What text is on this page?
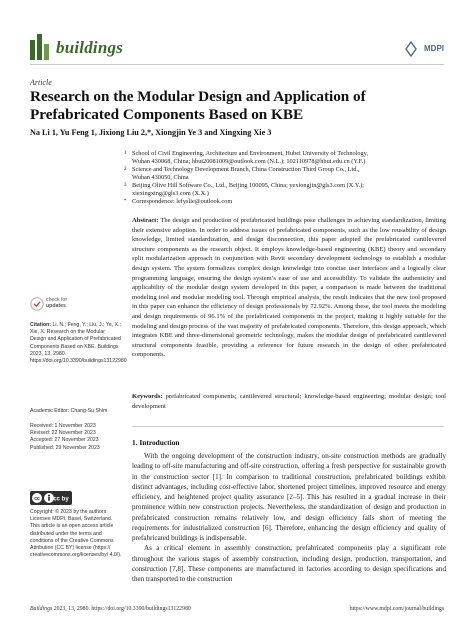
buildings	MDPI
Article
Research on the Modular Design and Application of Prefabricated Components Based on KBE
Na Li 1, Yu Feng 1, Jixiong Liu 2,*, Xiongjin Ye 3 and Xingxing Xie 3
1 School of Civil Engineering, Architecture and Environment, Hubei University of Technology,
Wuhan 430068, China; hbut20081009@outlook.com (N.L.); 102110978@hbut.edu.cn (Y.F.)
2 Science and Technology Development Branch, China Construction Third Group Co., Ltd.,
Wuhan 430050, China
3 Beijing Olive Hill Software Co., Ltd., Beijing 100095, China; yexiongjin@gls3.com (X.Y.);
xiexingxing@gls3.com (X.X.)
* Correspondence: lefyslie@outlook.com
Abstract: The design and production of prefabricated buildings pose challenges in achieving standardization, limiting their extensive adoption. In order to address issues of prefabricated components, such as the low reusability of design knowledge, limited standardization, and design disconnection, this paper adopted the prefabricated cantilevered structure components as the research object. It employs knowledge-based engineering (KBE) theory and secondary split modularization approach in conjunction with Revit secondary development technology to establish a modular design system. The system formalizes complex design knowledge into concise user interfaces and a logically clear programming language, ensuring the design system’s ease of use and accessibility. To validate the authenticity and applicability of the modular design system developed in this paper, a comparison is made between the traditional modeling tool and modular modeling tool. Through empirical analysis, the result indicates that the new tool proposed in this paper can enhance the efficiency of design professionals by 72.92%. Among these, the tool meets the modeling and design requirements of 96.1% of the prefabricated components in the project, making it highly suitable for the modeling and design process of the vast majority of prefabricated components. Therefore, this design approach, which integrates KBE and three-dimensional geometric technology, makes the modular design of prefabricated cantilevered structural components feasible, providing a reference for future research in the design of other prefabricated components.
Keywords: prefabricated components; cantilevered structural; knowledge-based engineering; modular design; tool development
check for
updates
Citation: Li, N.; Feng, Y.; Liu, J.; Ye, X.; Xie, X. Research on the Modular Design and Application of Prefabricated Components Based on KBE. Buildings 2023, 13, 2980. https://doi.org/10.3390/buildings13122980
Academic Editor: Chang-Su Shim
Received: 1 November 2023
Revised: 22 November 2023
Accepted: 27 November 2023
Published: 29 November 2023
cc cc by
Copyright: © 2023 by the authors. Licensee MDPI, Basel, Switzerland. This article is an open access article distributed under the terms and conditions of the Creative Commons Attribution (CC BY) license (https:// creativecommons.org/licenses/by/ 4.0/).
1. Introduction

With the ongoing development of the construction industry, on-site construction methods are gradually leading to off-site manufacturing and off-site construction, offering a fresh perspective for sustainable growth in the construction sector [1]. In comparison to traditional construction, prefabricated buildings exhibit distinct advantages, including cost-effective labor, shortened project timelines, improved resource and energy efficiency, and heightened project quality assurance [2–5]. This has resulted in a gradual increase in their prominence within new construction projects. Nevertheless, the standardization of design and production in prefabricated construction remains relatively low, and design efficiency falls short of meeting the requirements for industrialized construction [6]. Therefore, enhancing the design efficiency and quality of prefabricated buildings is indispensable.

As a critical element in assembly construction, prefabricated components play a significant role throughout the various stages of assembly construction, including design, production, transportation, and construction [7,8]. These components are manufactured in factories according to design specifications and then transported to the construction

Buildings 2023, 13, 2980. https://doi.org/10.3390/buildings13122980	https://www.mdpi.com/journal/buildings
